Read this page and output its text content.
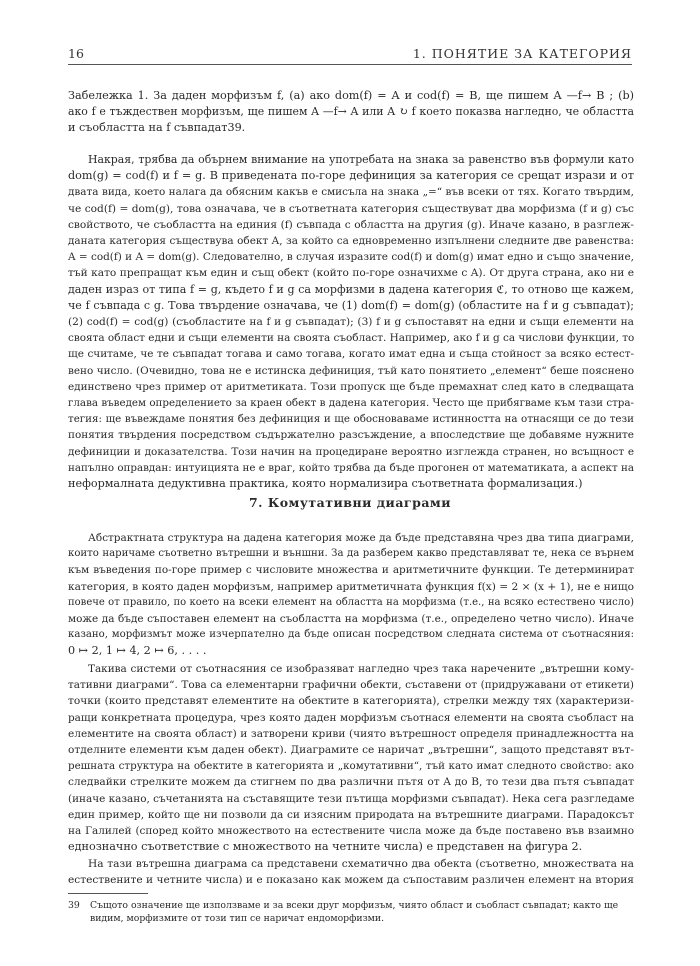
16	1. ПОНЯТИЕ ЗА КАТЕГОРИЯ
Забележка 1. За даден морфизъм f, (a) ако dom(f) = A и cod(f) = B, ще пишем A —f→ B ; (b)
ако f е тъждествен морфизъм, ще пишем A —f→ A или A ↻ f което показва нагледно, че областта
и съобластта на f съвпадат39.
Накрая, трябва да обърнем внимание на употребата на знака за равенство във формули като
dom(g) = cod(f) и f = g. В приведената по-горе дефиниция за категория се срещат изрази и от
двата вида, което налага да обясним какъв е смисъла на знака „=“ във всеки от тях. Когато твърдим,
че cod(f) = dom(g), това означава, че в съответната категория съществуват два морфизма (f и g) със
свойството, че съобластта на единия (f) съвпада с областта на другия (g). Иначе казано, в разглеж-
даната категория съществува обект A, за който са едновременно изпълнени следните две равенства:
A = cod(f) и A = dom(g). Следователно, в случая изразите cod(f) и dom(g) имат едно и също значение,
тъй като препращат към един и същ обект (който по-горе означихме с A). От друга страна, ако ни е
даден израз от типа f = g, където f и g са морфизми в дадена категория ℭ, то отново ще кажем,
че f съвпада с g. Това твърдение означава, че (1) dom(f) = dom(g) (областите на f и g съвпадат);
(2) cod(f) = cod(g) (съобластите на f и g съвпадат); (3) f и g съпоставят на едни и същи елементи на
своята област едни и същи елементи на своята съобласт. Например, ако f и g са числови функции, то
ще считаме, че те съвпадат тогава и само тогава, когато имат една и съща стойност за всяко естест-
вено число. (Очевидно, това не е истинска дефиниция, тъй като понятието „елемент“ беше пояснено
единствено чрез пример от аритметиката. Този пропуск ще бъде премахнат след като в следващата
глава въведем определението за краен обект в дадена категория. Често ще прибягваме към тази стра-
тегия: ще въвеждаме понятия без дефиниция и ще обосноваваме истинността на отнасящи се до тези
понятия твърдения посредством съдържателно разсъждение, а впоследствие ще добавяме нужните
дефиниции и доказателства. Този начин на процедиране вероятно изглежда странен, но всъщност е
напълно оправдан: интуицията не е враг, който трябва да бъде прогонен от математиката, а аспект на
неформалната дедуктивна практика, която нормализира съответната формализация.)
7. Комутативни диаграми
Абстрактната структура на дадена категория може да бъде представяна чрез два типа диаграми,
които наричаме съответно вътрешни и външни. За да разберем какво представляват те, нека се върнем
към въведения по-горе пример с числовите множества и аритметичните функции. Те детерминират
категория, в която даден морфизъм, например аритметичната функция f(x) = 2 × (x + 1), не е нищо
повече от правило, по което на всеки елемент на областта на морфизма (т.е., на всяко естествено число)
може да бъде съпоставен елемент на съобластта на морфизма (т.е., определено четно число). Иначе
казано, морфизмът може изчерпателно да бъде описан посредством следната система от съотнасяния:
0 ↦ 2, 1 ↦ 4, 2 ↦ 6, . . . .
Такива системи от съотнасяния се изобразяват нагледно чрез така наречените „вътрешни кому-
тативни диаграми“. Това са елементарни графични обекти, съставени от (придружавани от етикети)
точки (които представят елементите на обектите в категорията), стрелки между тях (характеризи-
ращи конкретната процедура, чрез която даден морфизъм съотнася елементи на своята съобласт на
елементите на своята област) и затворени криви (чиято вътрешност определя принадлежността на
отделните елементи към даден обект). Диаграмите се наричат „вътрешни“, защото представят вът-
решната структура на обектите в категорията и „комутативни“, тъй като имат следното свойство: ако
следвайки стрелките можем да стигнем по два различни пътя от A до B, то тези два пътя съвпадат
(иначе казано, съчетанията на съставящите тези пътища морфизми съвпадат). Нека сега разгледаме
един пример, който ще ни позволи да си изясним природата на вътрешните диаграми. Парадоксът
на Галилей (според който множеството на естествените числа може да бъде поставено във взаимно
еднозначно съответствие с множеството на четните числа) е представен на фигура 2.
На тази вътрешна диаграма са представени схематично два обекта (съответно, множествата на
естествените и четните числа) и е показано как можем да съпоставим различен елемент на втория
39 Същото означение ще използваме и за всеки друг морфизъм, чиято област и съобласт съвпадат; както ще
видим, морфизмите от този тип се наричат ендоморфизми.
